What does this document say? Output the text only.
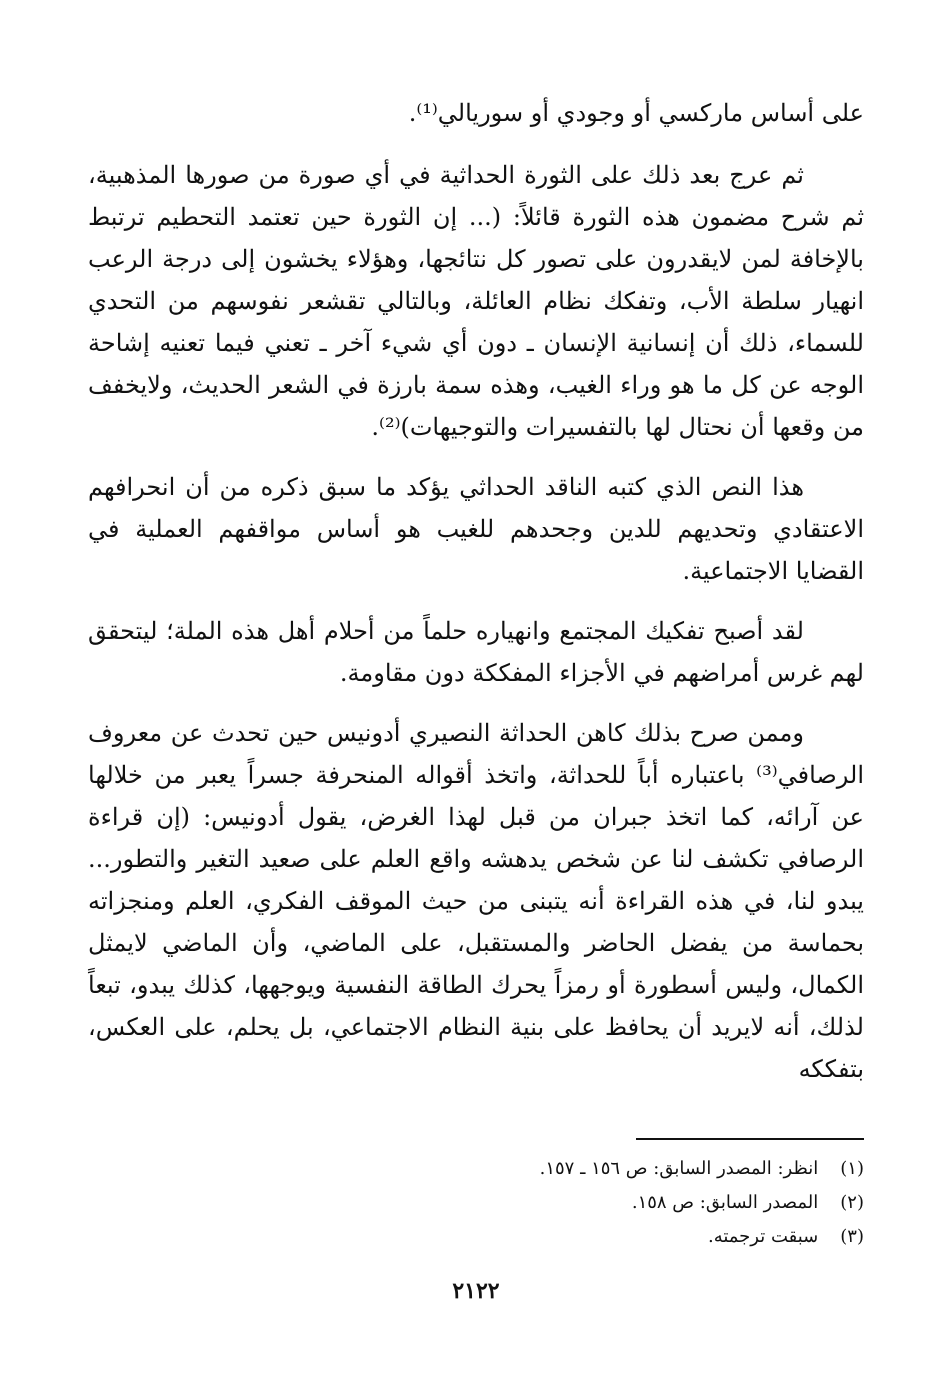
على أساس ماركسي أو وجودي أو سوريالي⁽¹⁾.

ثم عرج بعد ذلك على الثورة الحداثية في أي صورة من صورها المذهبية، ثم شرح مضمون هذه الثورة قائلاً: (... إن الثورة حين تعتمد التحطيم ترتبط بالإخافة لمن لايقدرون على تصور كل نتائجها، وهؤلاء يخشون إلى درجة الرعب انهيار سلطة الأب، وتفكك نظام العائلة، وبالتالي تقشعر نفوسهم من التحدي للسماء، ذلك أن إنسانية الإنسان ـ دون أي شيء آخر ـ تعني فيما تعنيه إشاحة الوجه عن كل ما هو وراء الغيب، وهذه سمة بارزة في الشعر الحديث، ولايخفف من وقعها أن نحتال لها بالتفسيرات والتوجيهات)⁽²⁾.

هذا النص الذي كتبه الناقد الحداثي يؤكد ما سبق ذكره من أن انحرافهم الاعتقادي وتحديهم للدين وجحدهم للغيب هو أساس مواقفهم العملية في القضايا الاجتماعية.

لقد أصبح تفكيك المجتمع وانهياره حلماً من أحلام أهل هذه الملة؛ ليتحقق لهم غرس أمراضهم في الأجزاء المفككة دون مقاومة.

وممن صرح بذلك كاهن الحداثة النصيري أدونيس حين تحدث عن معروف الرصافي⁽³⁾ باعتباره أباً للحداثة، واتخذ أقواله المنحرفة جسراً يعبر من خلالها عن آرائه، كما اتخذ جبران من قبل لهذا الغرض، يقول أدونيس: (إن قراءة الرصافي تكشف لنا عن شخص يدهشه واقع العلم على صعيد التغير والتطور... يبدو لنا، في هذه القراءة أنه يتبنى من حيث الموقف الفكري، العلم ومنجزاته بحماسة من يفضل الحاضر والمستقبل، على الماضي، وأن الماضي لايمثل الكمال، وليس أسطورة أو رمزاً يحرك الطاقة النفسية ويوجهها، كذلك يبدو، تبعاً لذلك، أنه لايريد أن يحافظ على بنية النظام الاجتماعي، بل يحلم، على العكس، بتفككه

(١) انظر: المصدر السابق: ص ١٥٦ ـ ١٥٧.

(٢) المصدر السابق: ص ١٥٨.

(٣) سبقت ترجمته.

٢١٢٢
